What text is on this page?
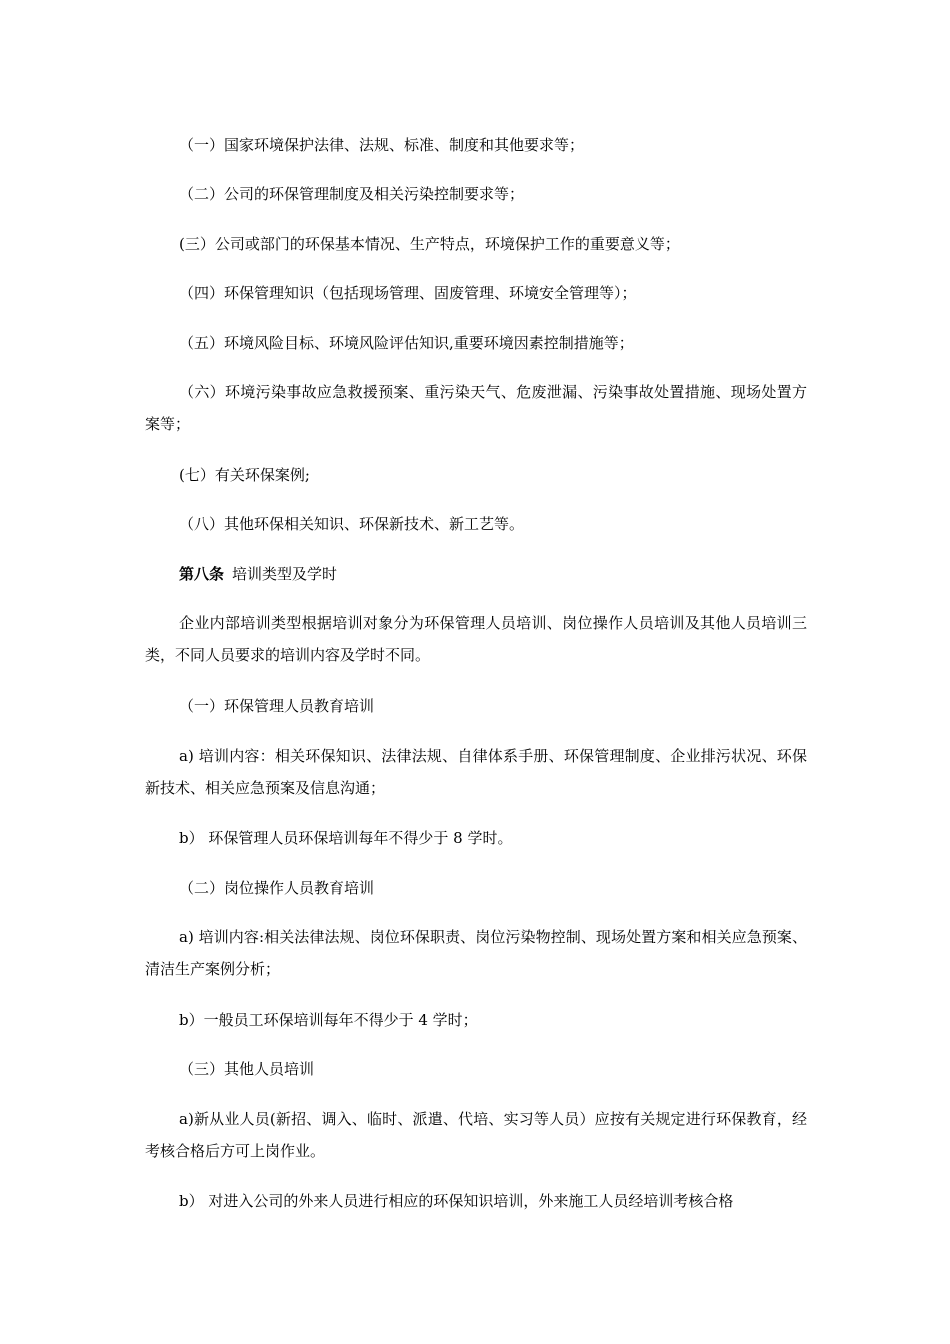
（一）国家环境保护法律、法规、标准、制度和其他要求等；

（二）公司的环保管理制度及相关污染控制要求等；

(三）公司或部门的环保基本情况、生产特点，环境保护工作的重要意义等；

（四）环保管理知识（包括现场管理、固废管理、环境安全管理等）；

（五）环境风险目标、环境风险评估知识,重要环境因素控制措施等；

（六）环境污染事故应急救援预案、重污染天气、危废泄漏、污染事故处置措施、现场处置方案等；

(七）有关环保案例;

（八）其他环保相关知识、环保新技术、新工艺等。

第八条 培训类型及学时

企业内部培训类型根据培训对象分为环保管理人员培训、岗位操作人员培训及其他人员培训三类，不同人员要求的培训内容及学时不同。

（一）环保管理人员教育培训

a) 培训内容：相关环保知识、法律法规、自律体系手册、环保管理制度、企业排污状况、环保新技术、相关应急预案及信息沟通；

b） 环保管理人员环保培训每年不得少于 8 学时。

（二）岗位操作人员教育培训

a) 培训内容:相关法律法规、岗位环保职责、岗位污染物控制、现场处置方案和相关应急预案、清洁生产案例分析；

b）一般员工环保培训每年不得少于 4 学时；

（三）其他人员培训

a)新从业人员(新招、调入、临时、派遣、代培、实习等人员）应按有关规定进行环保教育，经考核合格后方可上岗作业。

b） 对进入公司的外来人员进行相应的环保知识培训，外来施工人员经培训考核合格
